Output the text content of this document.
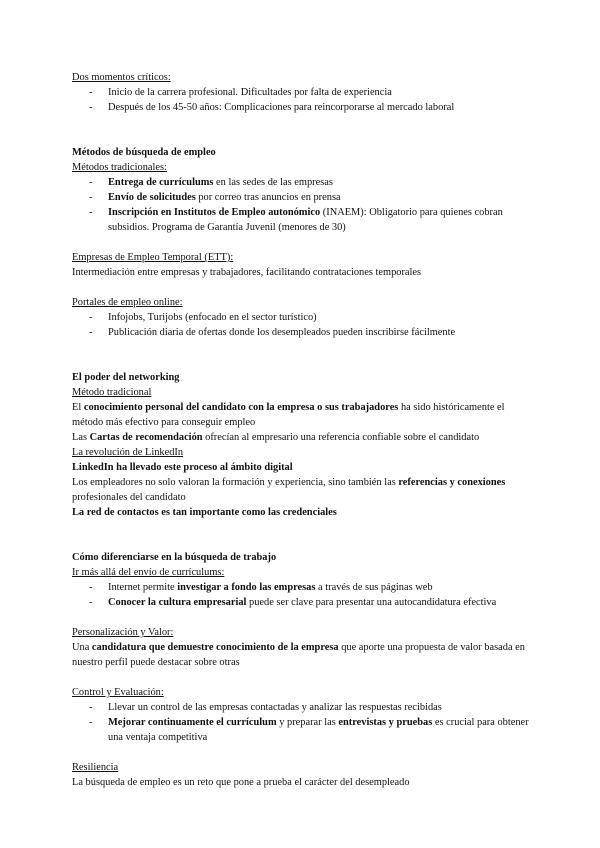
Dos momentos críticos:

- Inicio de la carrera profesional. Dificultades por falta de experiencia
- Después de los 45-50 años: Complicaciones para reincorporarse al mercado laboral

Métodos de búsqueda de empleo

Métodos tradicionales:

- Entrega de currículums en las sedes de las empresas
- Envío de solicitudes por correo tras anuncios en prensa
- Inscripción en Institutos de Empleo autonómico (INAEM): Obligatorio para quienes cobran subsidios. Programa de Garantía Juvenil (menores de 30)

Empresas de Empleo Temporal (ETT):

Intermediación entre empresas y trabajadores, facilitando contrataciones temporales

Portales de empleo online:

- Infojobs, Turijobs (enfocado en el sector turístico)
- Publicación diaria de ofertas donde los desempleados pueden inscribirse fácilmente

El poder del networking

Método tradicional

El conocimiento personal del candidato con la empresa o sus trabajadores ha sido históricamente el método más efectivo para conseguir empleo

Las Cartas de recomendación ofrecían al empresario una referencia confiable sobre el candidato

La revolución de LinkedIn

LinkedIn ha llevado este proceso al ámbito digital

Los empleadores no solo valoran la formación y experiencia, sino también las referencias y conexiones profesionales del candidato

La red de contactos es tan importante como las credenciales

Cómo diferenciarse en la búsqueda de trabajo

Ir más allá del envío de currículums:

- Internet permite investigar a fondo las empresas a través de sus páginas web
- Conocer la cultura empresarial puede ser clave para presentar una autocandidatura efectiva

Personalización y Valor:

Una candidatura que demuestre conocimiento de la empresa que aporte una propuesta de valor basada en nuestro perfil puede destacar sobre otras

Control y Evaluación:

- Llevar un control de las empresas contactadas y analizar las respuestas recibidas
- Mejorar continuamente el currículum y preparar las entrevistas y pruebas es crucial para obtener una ventaja competitiva

Resiliencia

La búsqueda de empleo es un reto que pone a prueba el carácter del desempleado
